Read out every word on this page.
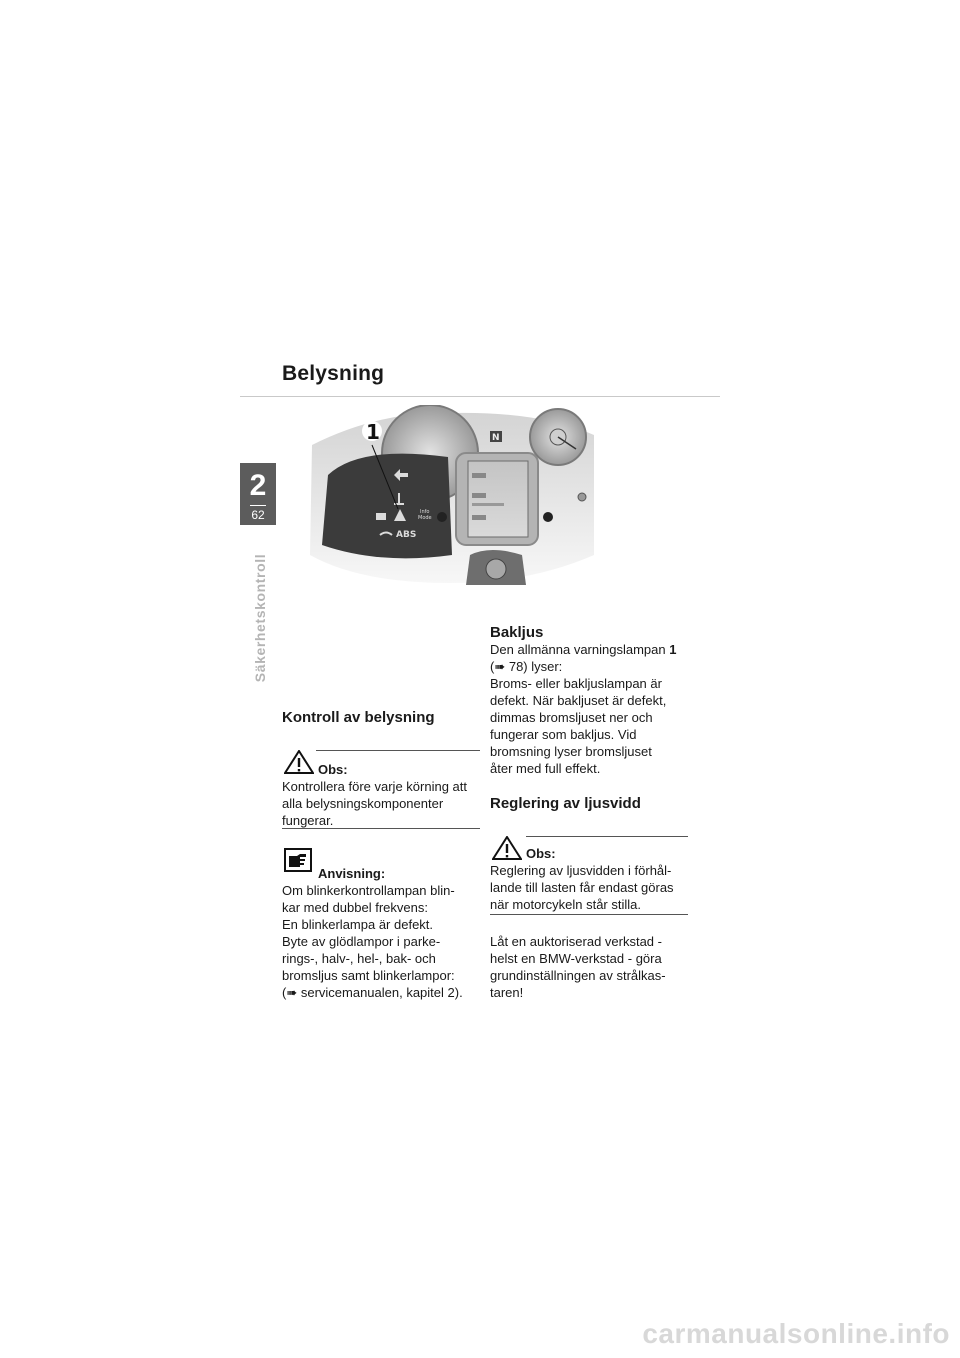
Belysning
2
62
Säkerhetskontroll
N
ABS
Info
Mode
1
Kontroll av belysning
Obs:

Kontrollera före varje körning att

alla belysningskomponenter

fungerar.

Anvisning:

Om blinkerkontrollampan blin-

kar med dubbel frekvens:

En blinkerlampa är defekt.

Byte av glödlampor i parke-

rings-, halv-, hel-, bak- och

bromsljus samt blinkerlampor:

(➠ servicemanualen, kapitel 2).

Bakljus

Den allmänna varningslampan 1

(➠ 78) lyser:

Broms- eller bakljuslampan är

defekt. När bakljuset är defekt,

dimmas bromsljuset ner och

fungerar som bakljus. Vid

bromsning lyser bromsljuset

åter med full effekt.

Reglering av ljusvidd
Obs:

Reglering av ljusvidden i förhål-

lande till lasten får endast göras

när motorcykeln står stilla.

Låt en auktoriserad verkstad -

helst en BMW-verkstad - göra

grundinställningen av strålkas-

taren!

carmanualsonline.info
